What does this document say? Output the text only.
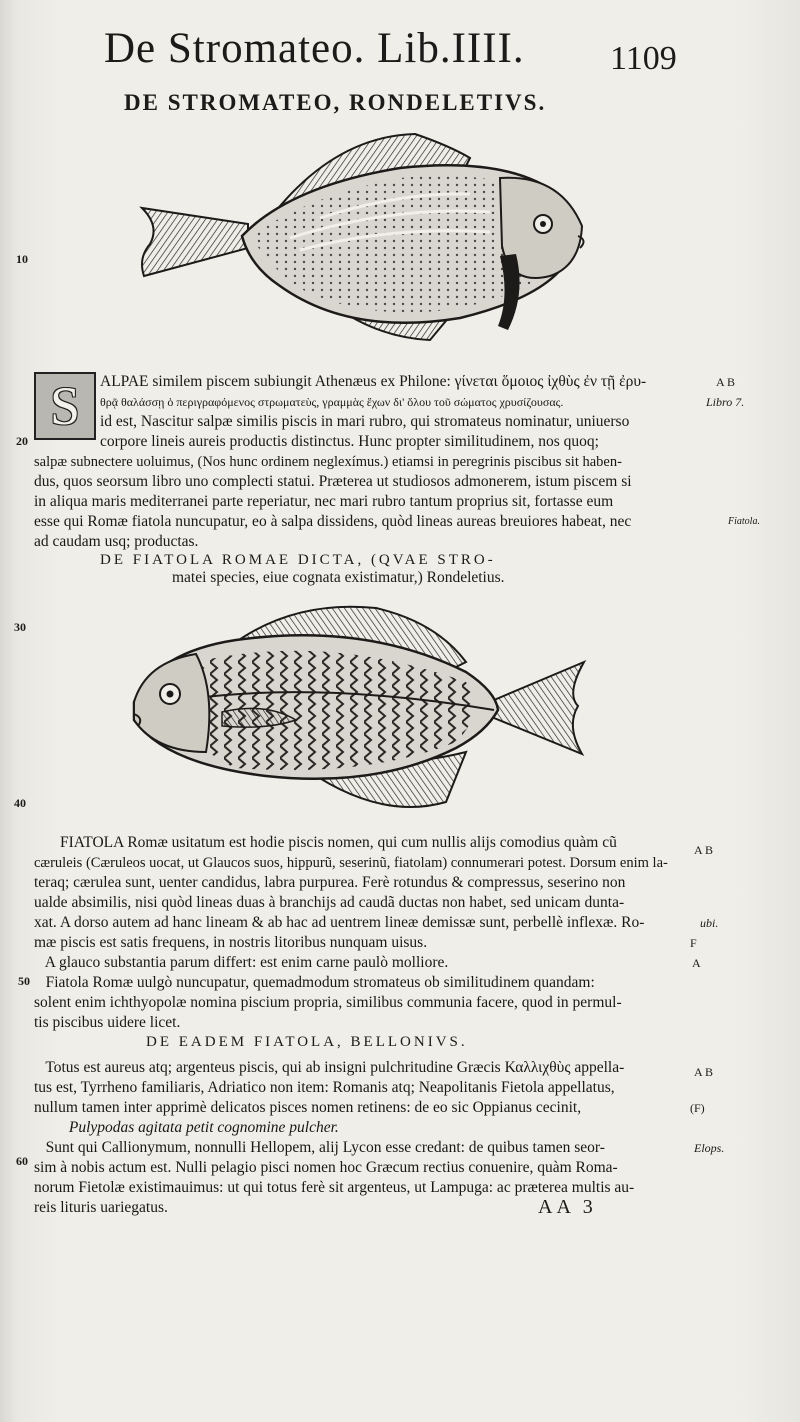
De Stromateo. Lib.IIII.	1109
DE STROMATEO, RONDELETIVS.
10
S	ALPAE similem piscem subiungit Athenæus ex Philone: γίνεται ὅμοιος ἰχθὺς ἐν τῇ ἐρυ-
θρᾷ θαλάσσῃ ὁ περιγραφόμενος στρωματεὺς, γραμμὰς ἔχων δι' ὅλου τοῦ σώματος χρυσίζουσας.
id est, Nascitur salpæ similis piscis in mari rubro, qui stromateus nominatur, uniuerso
corpore lineis aureis productis distinctus. Hunc propter similitudinem, nos quoq;
salpæ subnectere uoluimus, (Nos hunc ordinem neglexímus.) etiamsi in peregrinis piscibus sit haben-
dus, quos seorsum libro uno complecti statui. Præterea ut studiosos admonerem, istum piscem si
in aliqua maris mediterranei parte reperiatur, nec mari rubro tantum proprius sit, fortasse eum
esse qui Romæ fiatola nuncupatur, eo à salpa dissidens, quòd lineas aureas breuiores habeat, nec
ad caudam usq; productas.
20
A B
Libro 7.
Fiatola.
DE FIATOLA ROMAE DICTA, (QVAE STRO-
matei species, eiue cognata existimatur,) Rondeletius.
30
40
FIATOLA Romæ usitatum est hodie piscis nomen, qui cum nullis alijs comodius quàm cũ
cæruleis (Cæruleos uocat, ut Glaucos suos, hippurũ, seserinũ, fiatolam) connumerari potest. Dorsum enim la-
teraq; cærulea sunt, uenter candidus, labra purpurea. Ferè rotundus & compressus, seserino non
ualde absimilis, nisi quòd lineas duas à branchijs ad caudã ductas non habet, sed unicam dunta-
xat. A dorso autem ad hanc lineam & ab hac ad uentrem lineæ demissæ sunt, perbellè inflexæ. Ro-
mæ piscis est satis frequens, in nostris litoribus nunquam uisus.
A glauco substantia parum differt: est enim carne paulò molliore.
Fiatola Romæ uulgò nuncupatur, quemadmodum stromateus ob similitudinem quandam:
solent enim ichthyopolæ nomina piscium propria, similibus communia facere, quod in permul-
tis piscibus uidere licet.
A B
ubi.
F
A
50
DE EADEM FIATOLA, BELLONIVS.
Totus est aureus atq; argenteus piscis, qui ab insigni pulchritudine Græcis Καλλιχθὺς appella-
tus est, Tyrrheno familiaris, Adriatico non item: Romanis atq; Neapolitanis Fietola appellatus,
nullum tamen inter apprimè delicatos pisces nomen retinens: de eo sic Oppianus cecinit,
Pulypodas agitata petit cognomine pulcher.
Sunt qui Callionymum, nonnulli Hellopem, alij Lycon esse credant: de quibus tamen seor-
sim à nobis actum est. Nulli pelagio pisci nomen hoc Græcum rectius conuenire, quàm Roma-
norum Fietolæ existimauimus: ut qui totus ferè sit argenteus, ut Lampuga: ac præterea multis au-
reis lituris uariegatus.
A B
(F)
Elops.
60
AA 3
